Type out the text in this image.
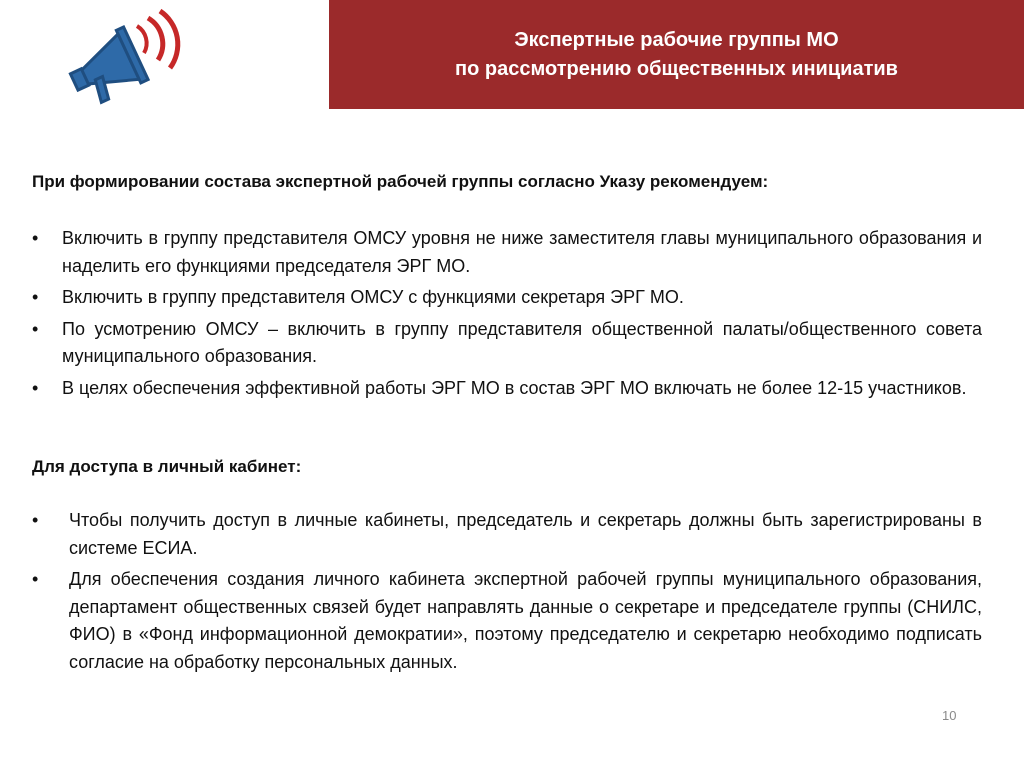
Экспертные рабочие группы МО
по рассмотрению общественных инициатив
При формировании состава экспертной рабочей группы согласно Указу рекомендуем:
• Включить в группу представителя ОМСУ уровня не ниже заместителя главы муниципального образования и наделить его функциями председателя ЭРГ МО.
• Включить в группу представителя ОМСУ с функциями секретаря ЭРГ МО.
• По усмотрению ОМСУ – включить в группу представителя общественной палаты/общественного совета муниципального образования.
• В целях обеспечения эффективной работы ЭРГ МО в состав ЭРГ МО включать не более 12-15 участников.
Для доступа в личный кабинет:
• Чтобы получить доступ в личные кабинеты, председатель и секретарь должны быть зарегистрированы в системе ЕСИА.
• Для обеспечения создания личного кабинета экспертной рабочей группы муниципального образования, департамент общественных связей будет направлять данные о секретаре и председателе группы (СНИЛС, ФИО) в «Фонд информационной демократии», поэтому председателю и секретарю необходимо подписать согласие на обработку персональных данных.
10
